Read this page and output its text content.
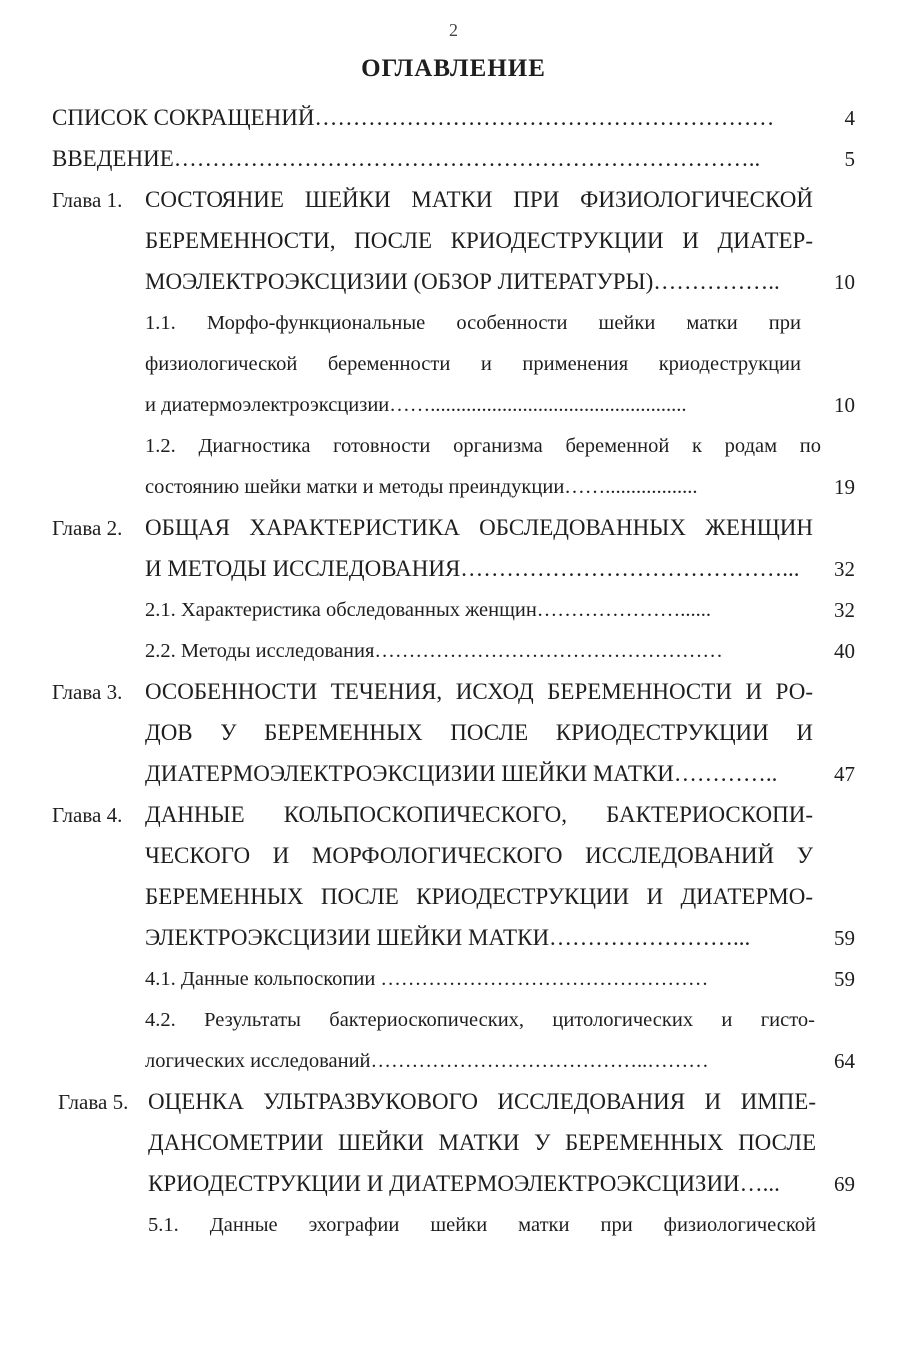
2
ОГЛАВЛЕНИЕ
СПИСОК СОКРАЩЕНИЙ……………………………………………………	4
ВВЕДЕНИЕ…………………………………………………………………..	5
Глава 1. СОСТОЯНИЕ ШЕЙКИ МАТКИ ПРИ ФИЗИОЛОГИЧЕСКОЙ
БЕРЕМЕННОСТИ, ПОСЛЕ КРИОДЕСТРУКЦИИ И ДИАТЕР-
МОЭЛЕКТРОЭКСЦИЗИИ (ОБЗОР ЛИТЕРАТУРЫ)……………..	10
1.1. Морфо-функциональные особенности шейки матки при
физиологической беременности и применения криодеструкции
и диатермоэлектроэксцизии……..................................................	10
1.2. Диагностика готовности организма беременной к родам по
состоянию шейки матки и методы преиндукции……..................	19
Глава 2. ОБЩАЯ ХАРАКТЕРИСТИКА ОБСЛЕДОВАННЫХ ЖЕНЩИН
И МЕТОДЫ ИССЛЕДОВАНИЯ……………………………………... 32
2.1. Характеристика обследованных женщин…………………......	32
2.2. Методы исследования……………………………………………	40
Глава 3. ОСОБЕННОСТИ ТЕЧЕНИЯ, ИСХОД БЕРЕМЕННОСТИ И РО-
ДОВ У БЕРЕМЕННЫХ ПОСЛЕ КРИОДЕСТРУКЦИИ И
ДИАТЕРМОЭЛЕКТРОЭКСЦИЗИИ ШЕЙКИ МАТКИ…………..	47
Глава 4. ДАННЫЕ КОЛЬПОСКОПИЧЕСКОГО, БАКТЕРИОСКОПИ-
ЧЕСКОГО И МОРФОЛОГИЧЕСКОГО ИССЛЕДОВАНИЙ У
БЕРЕМЕННЫХ ПОСЛЕ КРИОДЕСТРУКЦИИ И ДИАТЕРМО-
ЭЛЕКТРОЭКСЦИЗИИ ШЕЙКИ МАТКИ……………………...	59
4.1. Данные кольпоскопии …………………………………………	59
4.2. Результаты бактериоскопических, цитологических и гисто-
логических исследований…………………………………..………	64
Глава 5. ОЦЕНКА УЛЬТРАЗВУКОВОГО ИССЛЕДОВАНИЯ И ИМПЕ-
ДАНСОМЕТРИИ ШЕЙКИ МАТКИ У БЕРЕМЕННЫХ ПОСЛЕ
КРИОДЕСТРУКЦИИ И ДИАТЕРМОЭЛЕКТРОЭКСЦИЗИИ…...	69
5.1. Данные эхографии шейки матки при физиологической
